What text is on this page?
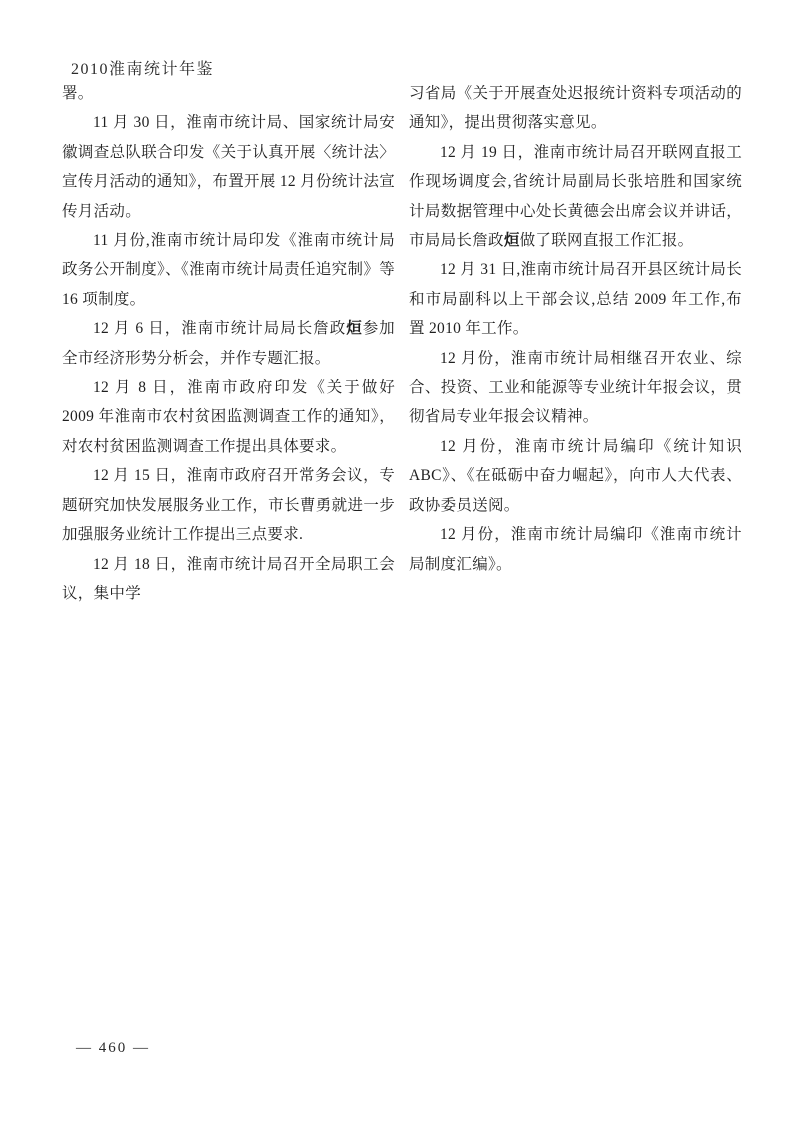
2010淮南统计年鉴

署。

11 月 30 日，淮南市统计局、国家统计局安徽调查总队联合印发《关于认真开展〈统计法〉宣传月活动的通知》，布置开展 12 月份统计法宣传月活动。

11 月份,淮南市统计局印发《淮南市统计局政务公开制度》、《淮南市统计局责任追究制》等 16 项制度。

12 月 6 日，淮南市统计局局长詹政烜参加全市经济形势分析会，并作专题汇报。

12 月 8 日，淮南市政府印发《关于做好 2009 年淮南市农村贫困监测调查工作的通知》，对农村贫困监测调查工作提出具体要求。

12 月 15 日，淮南市政府召开常务会议，专题研究加快发展服务业工作，市长曹勇就进一步加强服务业统计工作提出三点要求.

12 月 18 日，淮南市统计局召开全局职工会议，集中学

习省局《关于开展查处迟报统计资料专项活动的通知》，提出贯彻落实意见。

12 月 19 日，淮南市统计局召开联网直报工作现场调度会,省统计局副局长张培胜和国家统计局数据管理中心处长黄德会出席会议并讲话，市局局长詹政烜做了联网直报工作汇报。

12 月 31 日,淮南市统计局召开县区统计局长和市局副科以上干部会议,总结 2009 年工作,布置 2010 年工作。

12 月份，淮南市统计局相继召开农业、综合、投资、工业和能源等专业统计年报会议，贯彻省局专业年报会议精神。

12 月份，淮南市统计局编印《统计知识 ABC》、《在砥砺中奋力崛起》，向市人大代表、政协委员送阅。

12 月份，淮南市统计局编印《淮南市统计局制度汇编》。

— 460 —
